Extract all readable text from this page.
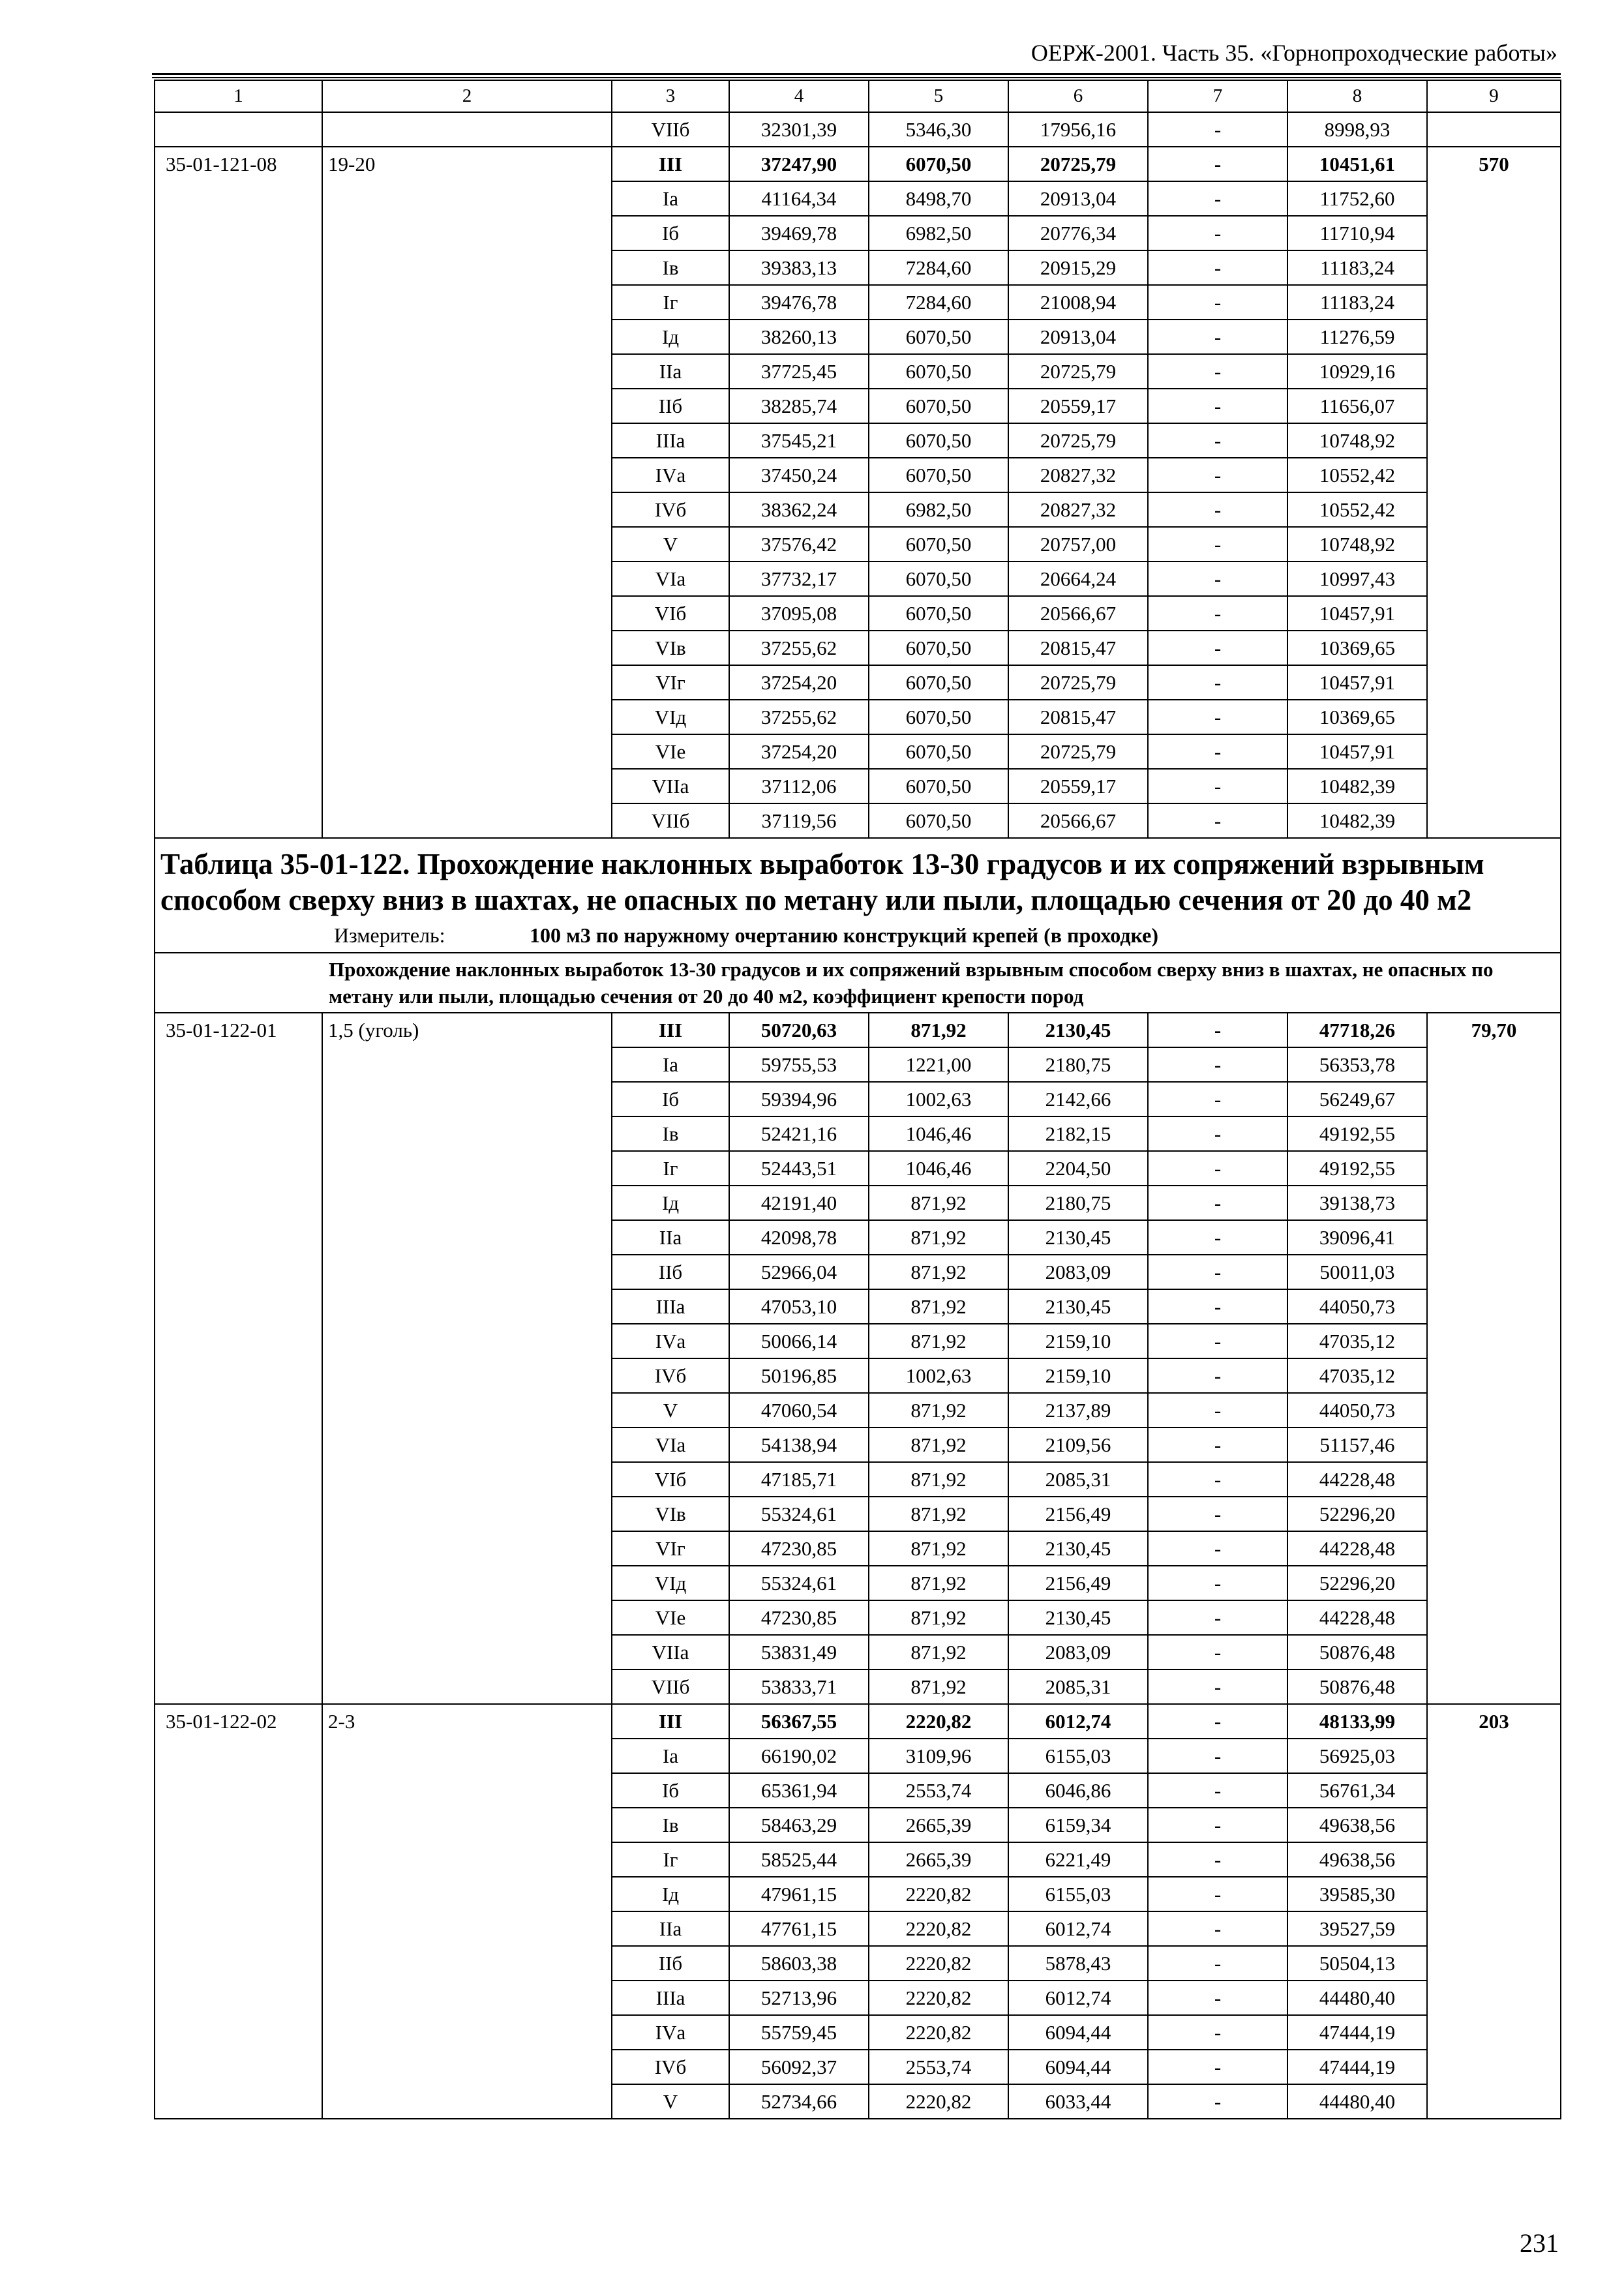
ОЕРЖ-2001. Часть 35. «Горнопроходческие работы»
1	2	3	4	5	6	7	8	9
		VIIб	32301,39	5346,30	17956,16	-	8998,93	
35-01-121-08	19-20	III	37247,90	6070,50	20725,79	-	10451,61	570
		Iа	41164,34	8498,70	20913,04	-	11752,60	
		Iб	39469,78	6982,50	20776,34	-	11710,94	
		Iв	39383,13	7284,60	20915,29	-	11183,24	
		Iг	39476,78	7284,60	21008,94	-	11183,24	
		Iд	38260,13	6070,50	20913,04	-	11276,59	
		IIа	37725,45	6070,50	20725,79	-	10929,16	
		IIб	38285,74	6070,50	20559,17	-	11656,07	
		IIIа	37545,21	6070,50	20725,79	-	10748,92	
		IVа	37450,24	6070,50	20827,32	-	10552,42	
		IVб	38362,24	6982,50	20827,32	-	10552,42	
		V	37576,42	6070,50	20757,00	-	10748,92	
		VIа	37732,17	6070,50	20664,24	-	10997,43	
		VIб	37095,08	6070,50	20566,67	-	10457,91	
		VIв	37255,62	6070,50	20815,47	-	10369,65	
		VIг	37254,20	6070,50	20725,79	-	10457,91	
		VIд	37255,62	6070,50	20815,47	-	10369,65	
		VIе	37254,20	6070,50	20725,79	-	10457,91	
		VIIа	37112,06	6070,50	20559,17	-	10482,39	
		VIIб	37119,56	6070,50	20566,67	-	10482,39	

Таблица 35-01-122. Прохождение наклонных выработок 13-30 градусов и их сопряжений взрывным способом сверху вниз в шахтах, не опасных по метану или пыли, площадью сечения от 20 до 40 м2
Измеритель: 100 м3 по наружному очертанию конструкций крепей (в проходке)								

Прохождение наклонных выработок 13-30 градусов и их сопряжений взрывным способом сверху вниз в шахтах, не опасных по метану или пыли, площадью сечения от 20 до 40 м2, коэффициент крепости пород								
35-01-122-01	1,5 (уголь)	III	50720,63	871,92	2130,45	-	47718,26	79,70
		Iа	59755,53	1221,00	2180,75	-	56353,78	
		Iб	59394,96	1002,63	2142,66	-	56249,67	
		Iв	52421,16	1046,46	2182,15	-	49192,55	
		Iг	52443,51	1046,46	2204,50	-	49192,55	
		Iд	42191,40	871,92	2180,75	-	39138,73	
		IIа	42098,78	871,92	2130,45	-	39096,41	
		IIб	52966,04	871,92	2083,09	-	50011,03	
		IIIа	47053,10	871,92	2130,45	-	44050,73	
		IVа	50066,14	871,92	2159,10	-	47035,12	
		IVб	50196,85	1002,63	2159,10	-	47035,12	
		V	47060,54	871,92	2137,89	-	44050,73	
		VIа	54138,94	871,92	2109,56	-	51157,46	
		VIб	47185,71	871,92	2085,31	-	44228,48	
		VIв	55324,61	871,92	2156,49	-	52296,20	
		VIг	47230,85	871,92	2130,45	-	44228,48	
		VIд	55324,61	871,92	2156,49	-	52296,20	
		VIе	47230,85	871,92	2130,45	-	44228,48	
		VIIа	53831,49	871,92	2083,09	-	50876,48	
		VIIб	53833,71	871,92	2085,31	-	50876,48	
35-01-122-02	2-3	III	56367,55	2220,82	6012,74	-	48133,99	203
		Iа	66190,02	3109,96	6155,03	-	56925,03	
		Iб	65361,94	2553,74	6046,86	-	56761,34	
		Iв	58463,29	2665,39	6159,34	-	49638,56	
		Iг	58525,44	2665,39	6221,49	-	49638,56	
		Iд	47961,15	2220,82	6155,03	-	39585,30	
		IIа	47761,15	2220,82	6012,74	-	39527,59	
		IIб	58603,38	2220,82	5878,43	-	50504,13	
		IIIа	52713,96	2220,82	6012,74	-	44480,40	
		IVа	55759,45	2220,82	6094,44	-	47444,19	
		IVб	56092,37	2553,74	6094,44	-	47444,19	
		V	52734,66	2220,82	6033,44	-	44480,40	
231
